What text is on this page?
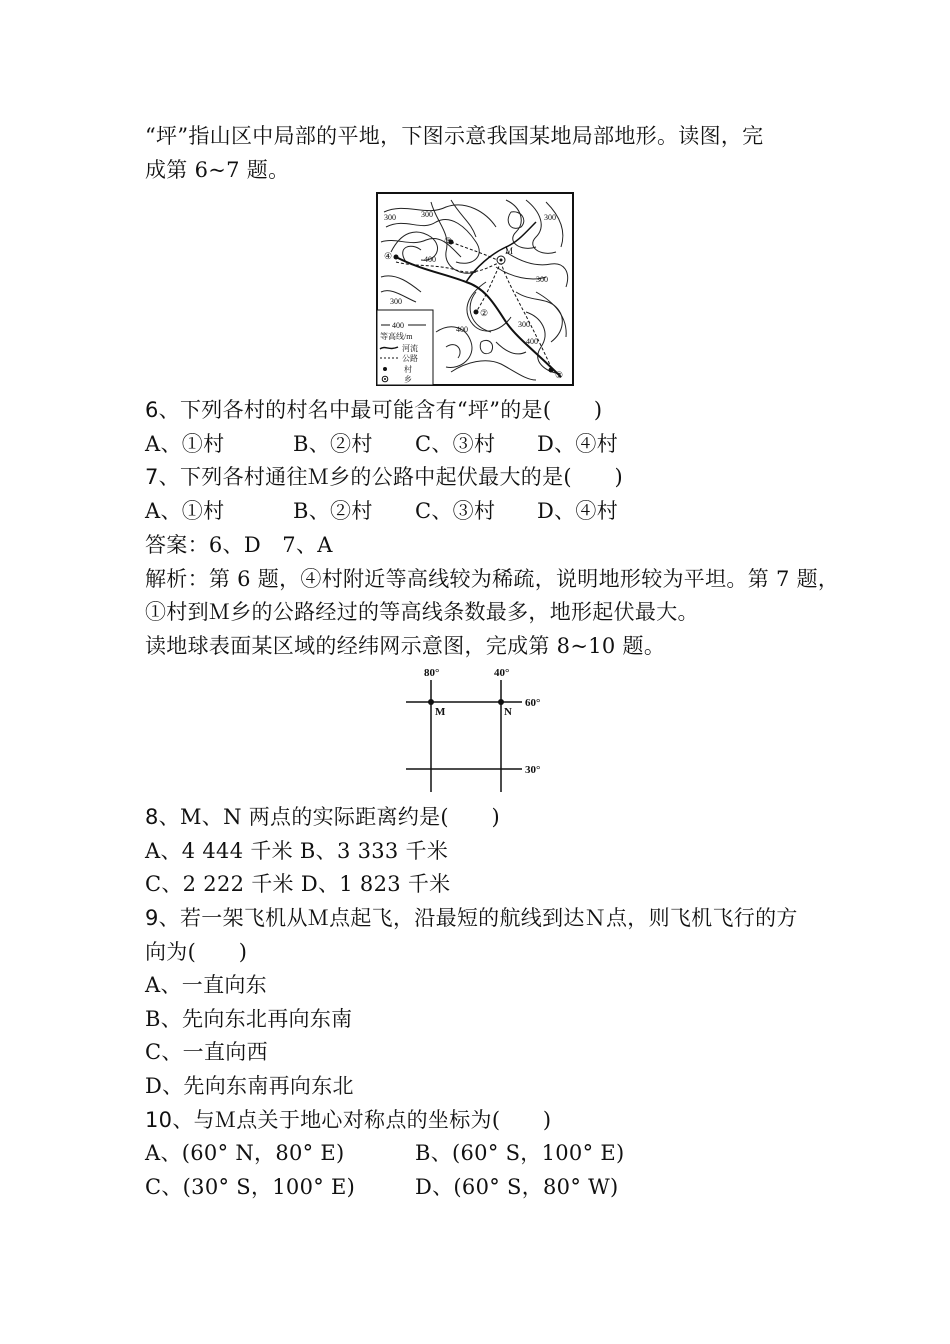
“坪”指山区中局部的平地，下图示意我国某地局部地形。读图，完
成第 6~7 题。
④
③
②
①
M
300	300	300
400
400
300
300
400
300
400
等高线/m
河流
公路
村
乡
6、下列各村的村名中最可能含有“坪”的是(　　)

A、①村

	B、②村

C、③村

D、④村

7、下列各村通往Ｍ乡的公路中起伏最大的是(　　)

A、①村

	B、②村

C、③村

D、④村

答案：6、D　7、A
解析：第 6 题，④村附近等高线较为稀疏，说明地形较为平坦。第 7 题，
①村到Ｍ乡的公路经过的等高线条数最多，地形起伏最大。
读地球表面某区域的经纬网示意图，完成第 8~10 题。
80°	40°
60°
30°
M	N
8、M、N 两点的实际距离约是(　　)
A、4 444 千米 B、3 333 千米
C、2 222 千米 D、1 823 千米
9、若一架飞机从Ｍ点起飞，沿最短的航线到达Ｎ点，则飞机飞行的方
向为(　　)
A、一直向东
B、先向东北再向东南
C、一直向西
D、先向东南再向东北
10、与Ｍ点关于地心对称点的坐标为(　　)

A、(60° N，80° E)

	B、(60° S，100° E)

C、(30° S，100° E)

	D、(60° S，80° W)
